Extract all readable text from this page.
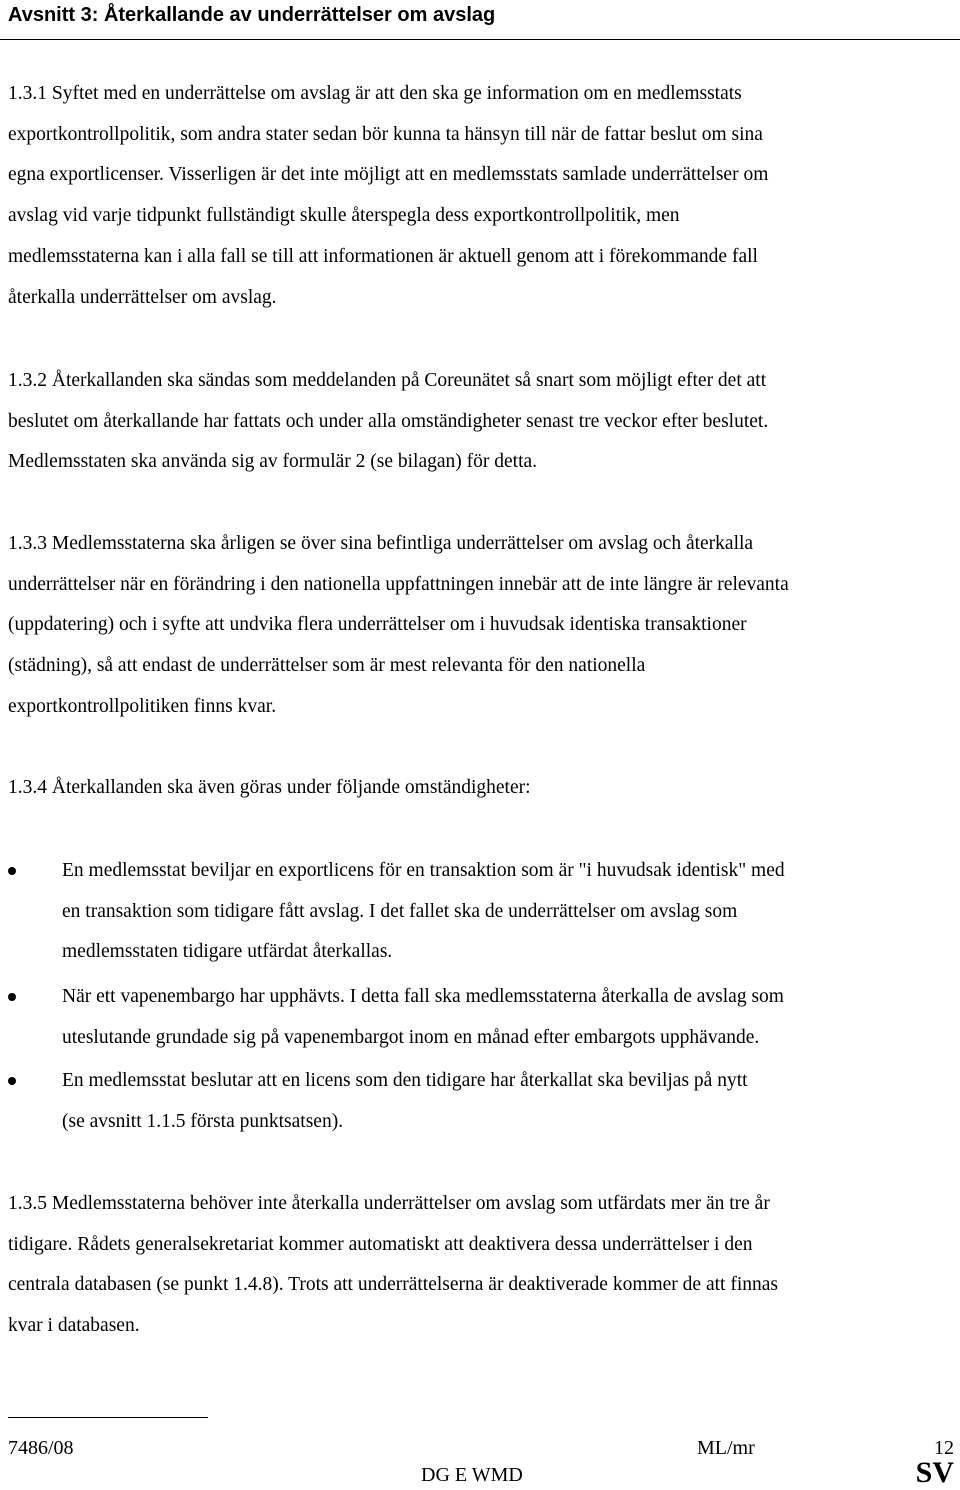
Avsnitt 3: Återkallande av underrättelser om avslag
1.3.1 Syftet med en underrättelse om avslag är att den ska ge information om en medlemsstats
exportkontrollpolitik, som andra stater sedan bör kunna ta hänsyn till när de fattar beslut om sina
egna exportlicenser. Visserligen är det inte möjligt att en medlemsstats samlade underrättelser om
avslag vid varje tidpunkt fullständigt skulle återspegla dess exportkontrollpolitik, men
medlemsstaterna kan i alla fall se till att informationen är aktuell genom att i förekommande fall
återkalla underrättelser om avslag.
1.3.2 Återkallanden ska sändas som meddelanden på Coreunätet så snart som möjligt efter det att
beslutet om återkallande har fattats och under alla omständigheter senast tre veckor efter beslutet.
Medlemsstaten ska använda sig av formulär 2 (se bilagan) för detta.
1.3.3 Medlemsstaterna ska årligen se över sina befintliga underrättelser om avslag och återkalla
underrättelser när en förändring i den nationella uppfattningen innebär att de inte längre är relevanta
(uppdatering) och i syfte att undvika flera underrättelser om i huvudsak identiska transaktioner
(städning), så att endast de underrättelser som är mest relevanta för den nationella
exportkontrollpolitiken finns kvar.
1.3.4 Återkallanden ska även göras under följande omständigheter:
En medlemsstat beviljar en exportlicens för en transaktion som är "i huvudsak identisk" med
en transaktion som tidigare fått avslag. I det fallet ska de underrättelser om avslag som
medlemsstaten tidigare utfärdat återkallas.
När ett vapenembargo har upphävts. I detta fall ska medlemsstaterna återkalla de avslag som
uteslutande grundade sig på vapenembargot inom en månad efter embargots upphävande.
En medlemsstat beslutar att en licens som den tidigare har återkallat ska beviljas på nytt
(se avsnitt 1.1.5 första punktsatsen).
1.3.5 Medlemsstaterna behöver inte återkalla underrättelser om avslag som utfärdats mer än tre år
tidigare. Rådets generalsekretariat kommer automatiskt att deaktivera dessa underrättelser i den
centrala databasen (se punkt 1.4.8). Trots att underrättelserna är deaktiverade kommer de att finnas
kvar i databasen.
7486/08	ML/mr	12
DG E WMD	SV
